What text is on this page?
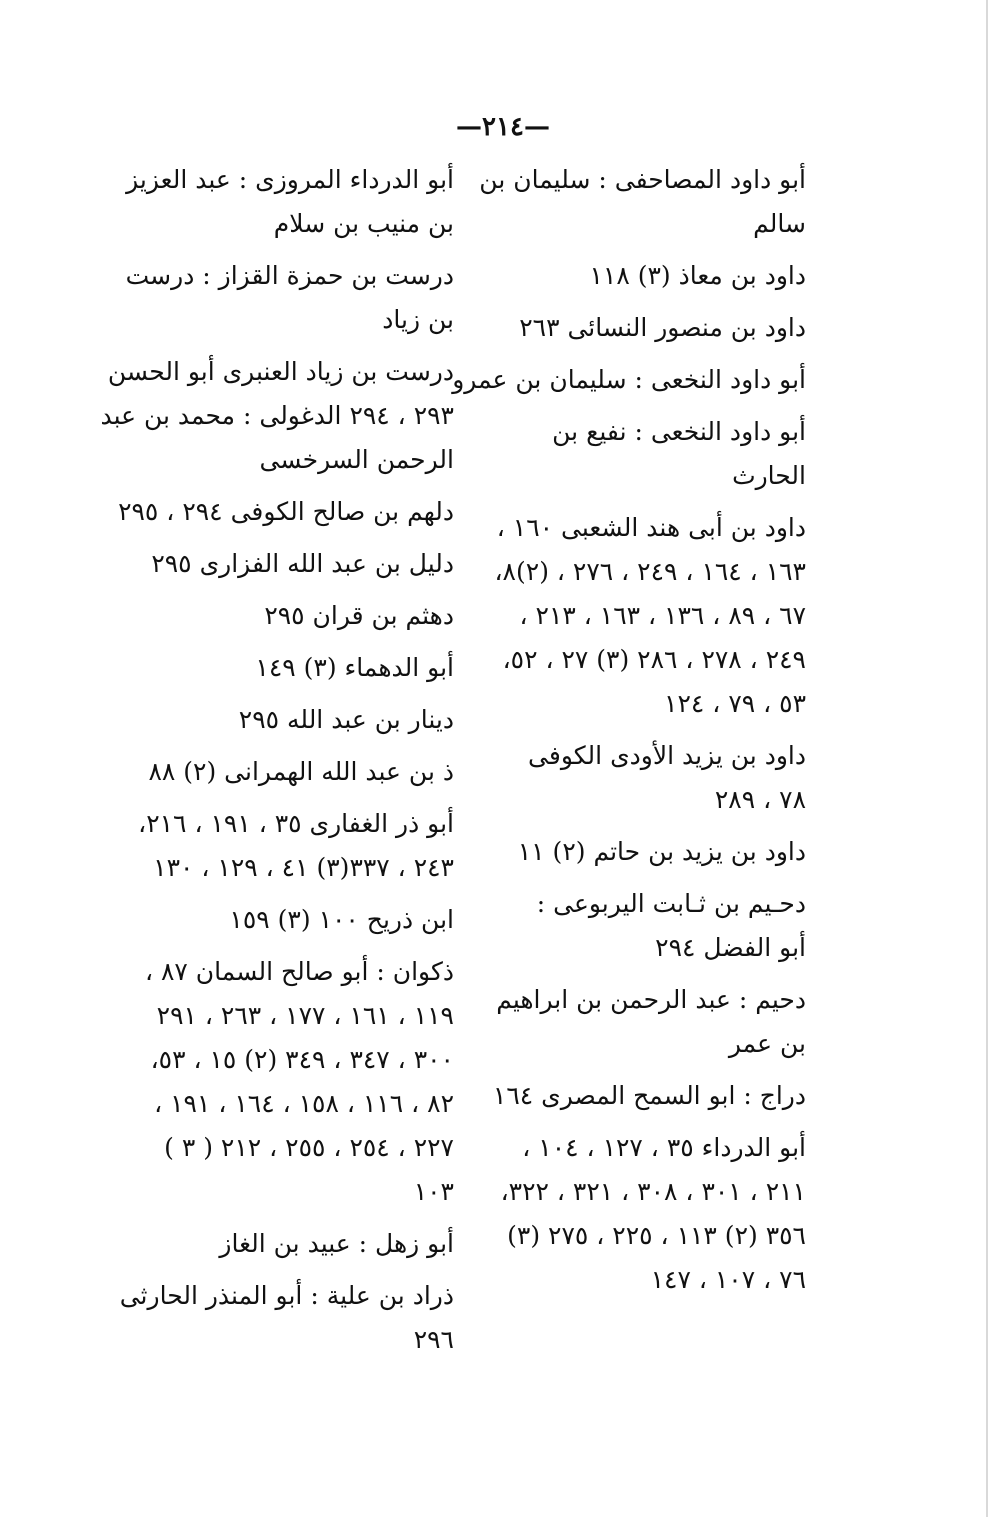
—٢١٤—
أبو داود المصاحفى : سليمان بن
سالم
داود بن معاذ (٣) ١١٨
داود بن منصور النسائى ٢٦٣
أبو داود النخعى : سليمان بن عمرو
أبو داود النخعى : نفيع بن
الحارث
داود بن أبى هند الشعبى ١٦٠ ،
١٦٣ ، ١٦٤ ، ٢٤٩ ، ٢٧٦ ، (٢)٨،
٦٧ ، ٨٩ ، ١٣٦ ، ١٦٣ ، ٢١٣ ،
٢٤٩ ، ٢٧٨ ، ٢٨٦ (٣) ٢٧ ، ٥٢،
٥٣ ، ٧٩ ، ١٢٤
داود بن يزيد الأودى الكوفى
٧٨ ، ٢٨٩
داود بن يزيد بن حاتم (٢) ١١
دحـيم بن ثـابت اليربوعى :
أبو الفضل ٢٩٤
دحيم : عبد الرحمن بن ابراهيم
بن عمر
دراج : ابو السمح المصرى ١٦٤
أبو الدرداء ٣٥ ، ١٢٧ ، ١٠٤ ،
٢١١ ، ٣٠١ ، ٣٠٨ ، ٣٢١ ، ٣٢٢،
٣٥٦ (٢) ١١٣ ، ٢٢٥ ، ٢٧٥ (٣)
٧٦ ، ١٠٧ ، ١٤٧
أبو الدرداء المروزى : عبد العزيز
بن منيب بن سلام
درست بن حمزة القزاز : درست
بن زياد
درست بن زياد العنبرى أبو الحسن
٢٩٣ ، ٢٩٤ الدغولى : محمد بن عبد
الرحمن السرخسى
دلهم بن صالح الكوفى ٢٩٤ ، ٢٩٥
دليل بن عبد الله الفزارى ٢٩٥
دهثم بن قران ٢٩٥
أبو الدهماء (٣) ١٤٩
دينار بن عبد الله ٢٩٥
ذ بن عبد الله الهمرانى (٢) ٨٨
أبو ذر الغفارى ٣٥ ، ١٩١ ، ٢١٦،
٢٤٣ ، ٣٣٧(٣) ٤١ ، ١٢٩ ، ١٣٠
ابن ذريح ١٠٠ (٣) ١٥٩
ذكوان : أبو صالح السمان ٨٧ ،
١١٩ ، ١٦١ ، ١٧٧ ، ٢٦٣ ، ٢٩١
٣٠٠ ، ٣٤٧ ، ٣٤٩ (٢) ١٥ ، ٥٣،
٨٢ ، ١١٦ ، ١٥٨ ، ١٦٤ ، ١٩١ ،
٢٢٧ ، ٢٥٤ ، ٢٥٥ ، ٢١٢ ( ٣ )
١٠٣
أبو زهل : عبيد بن الغاز
ذراد بن علية : أبو المنذر الحارثى
٢٩٦
